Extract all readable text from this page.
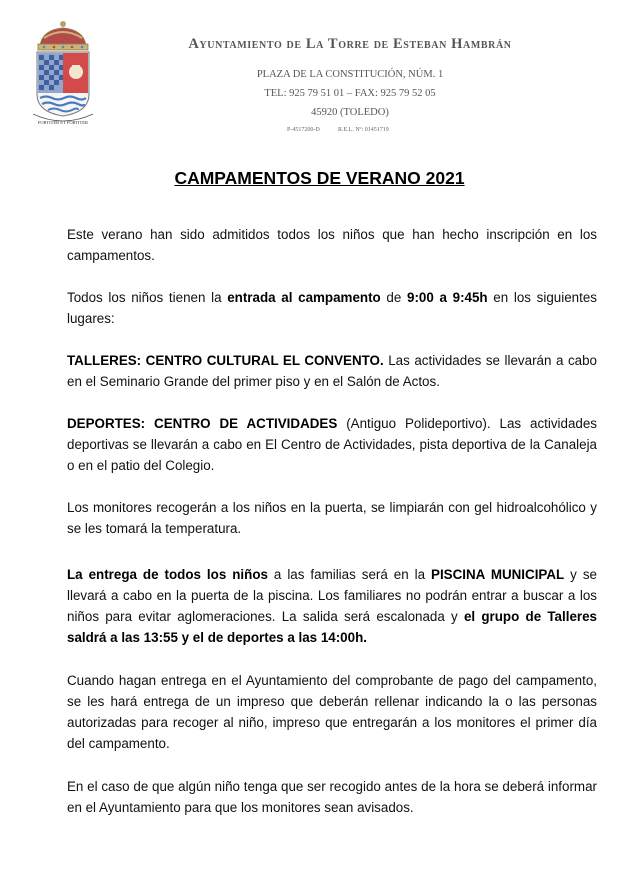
FORTITER ET FORTITER
Ayuntamiento de La Torre de Esteban Hambrán
PLAZA DE LA CONSTITUCIÓN, NÚM. 1
TEL: 925 79 51 01 – FAX: 925 79 52 05
45920 (TOLEDO)
P-4517200-D	R.E.L. Nº: 01451719
CAMPAMENTOS DE VERANO 2021

Este verano han sido admitidos todos los niños que han hecho inscripción en los campamentos.

Todos los niños tienen la entrada al campamento de 9:00 a 9:45h en los siguientes lugares:

TALLERES: CENTRO CULTURAL EL CONVENTO. Las actividades se llevarán a cabo en el Seminario Grande del primer piso y en el Salón de Actos.

DEPORTES: CENTRO DE ACTIVIDADES (Antiguo Polideportivo). Las actividades deportivas se llevarán a cabo en El Centro de Actividades, pista deportiva de la Canaleja o en el patio del Colegio.

Los monitores recogerán a los niños en la puerta, se limpiarán con gel hidroalcohólico y se les tomará la temperatura.

La entrega de todos los niños a las familias será en la PISCINA MUNICIPAL y se llevará a cabo en la puerta de la piscina. Los familiares no podrán entrar a buscar a los niños para evitar aglomeraciones. La salida será escalonada y el grupo de Talleres saldrá a las 13:55 y el de deportes a las 14:00h.

Cuando hagan entrega en el Ayuntamiento del comprobante de pago del campamento, se les hará entrega de un impreso que deberán rellenar indicando la o las personas autorizadas para recoger al niño, impreso que entregarán a los monitores el primer día del campamento.

En el caso de que algún niño tenga que ser recogido antes de la hora se deberá informar en el Ayuntamiento para que los monitores sean avisados.
